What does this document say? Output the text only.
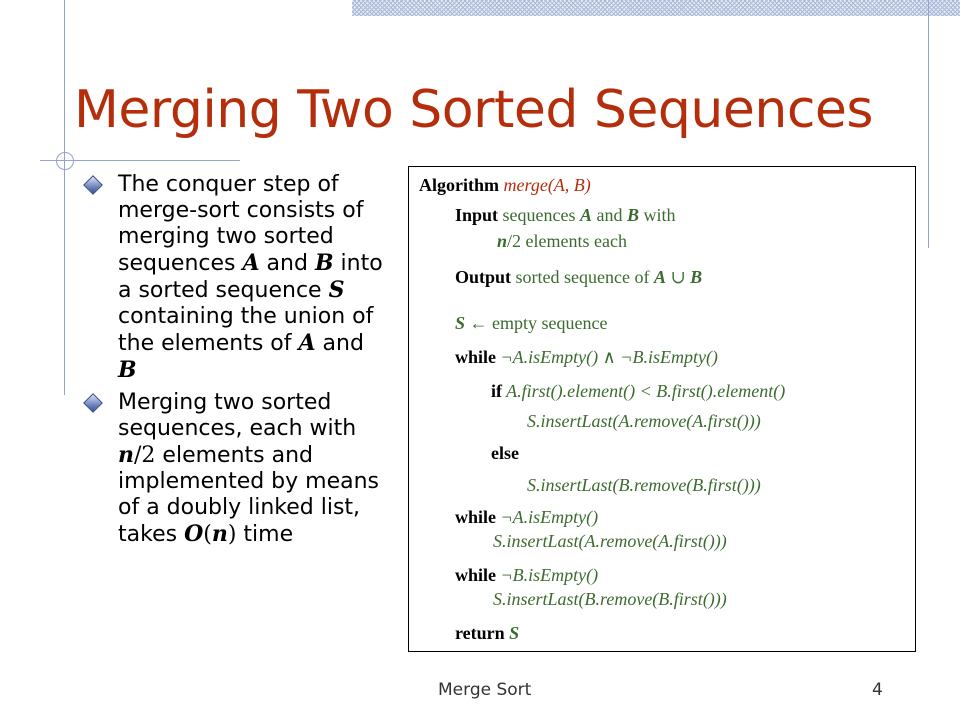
Merging Two Sorted Sequences
The conquer step of merge-sort consists of merging two sorted sequences A and B into a sorted sequence S containing the union of the elements of A and B
Merging two sorted sequences, each with n/2 elements and implemented by means of a doubly linked list, takes O(n) time
Algorithm merge(A, B)
Input sequences A and B with
n/2 elements each
Output sorted sequence of A ∪ B
S ← empty sequence
while ¬A.isEmpty() ∧ ¬B.isEmpty()
if A.first().element() < B.first().element()
S.insertLast(A.remove(A.first()))
else
S.insertLast(B.remove(B.first()))
while ¬A.isEmpty()
S.insertLast(A.remove(A.first()))
while ¬B.isEmpty()
S.insertLast(B.remove(B.first()))
return S
Merge Sort	4
